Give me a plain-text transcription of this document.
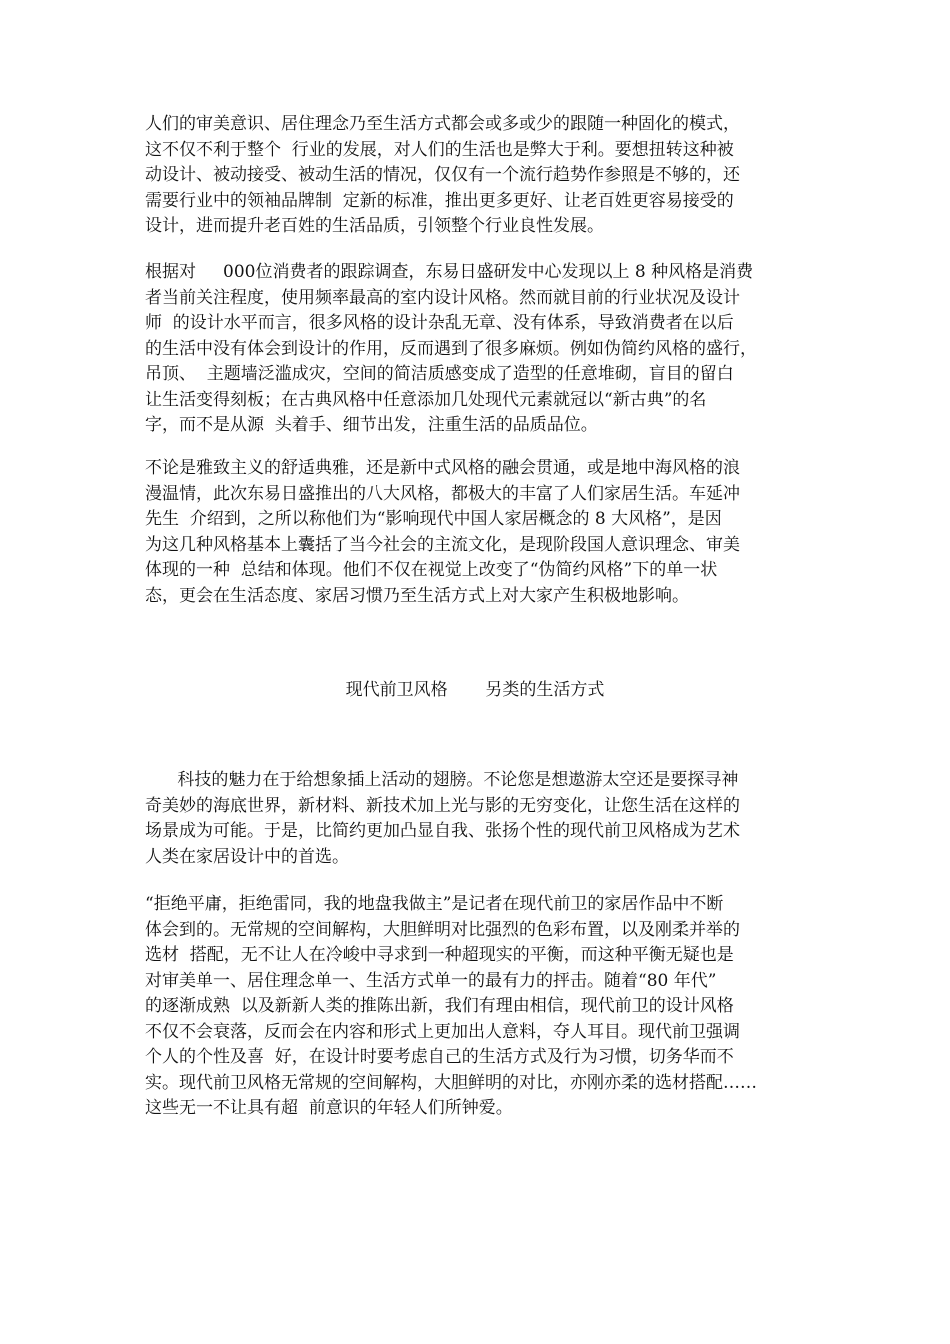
人们的审美意识、居住理念乃至生活方式都会或多或少的跟随一种固化的模式，
这不仅不利于整个  行业的发展，对人们的生活也是弊大于利。要想扭转这种被
动设计、被动接受、被动生活的情况，仅仅有一个流行趋势作参照是不够的，还
需要行业中的领袖品牌制  定新的标准，推出更多更好、让老百姓更容易接受的
设计，进而提升老百姓的生活品质，引领整个行业良性发展。
根据对     000位消费者的跟踪调查，东易日盛研发中心发现以上 8 种风格是消费
者当前关注程度，使用频率最高的室内设计风格。然而就目前的行业状况及设计
师  的设计水平而言，很多风格的设计杂乱无章、没有体系，导致消费者在以后
的生活中没有体会到设计的作用，反而遇到了很多麻烦。例如伪简约风格的盛行，
吊顶、  主题墙泛滥成灾，空间的简洁质感变成了造型的任意堆砌，盲目的留白
让生活变得刻板；在古典风格中任意添加几处现代元素就冠以“新古典”的名
字，而不是从源  头着手、细节出发，注重生活的品质品位。
不论是雅致主义的舒适典雅，还是新中式风格的融会贯通，或是地中海风格的浪
漫温情，此次东易日盛推出的八大风格，都极大的丰富了人们家居生活。车延冲
先生  介绍到，之所以称他们为“影响现代中国人家居概念的 8 大风格”，是因
为这几种风格基本上囊括了当今社会的主流文化，是现阶段国人意识理念、审美
体现的一种  总结和体现。他们不仅在视觉上改变了“伪简约风格”下的单一状
态，更会在生活态度、家居习惯乃至生活方式上对大家产生积极地影响。
现代前卫风格       另类的生活方式
科技的魅力在于给想象插上活动的翅膀。不论您是想遨游太空还是要探寻神
奇美妙的海底世界，新材料、新技术加上光与影的无穷变化，让您生活在这样的
场景成为可能。于是，比简约更加凸显自我、张扬个性的现代前卫风格成为艺术
人类在家居设计中的首选。
“拒绝平庸，拒绝雷同，我的地盘我做主”是记者在现代前卫的家居作品中不断
体会到的。无常规的空间解构，大胆鲜明对比强烈的色彩布置，以及刚柔并举的
选材  搭配，无不让人在冷峻中寻求到一种超现实的平衡，而这种平衡无疑也是
对审美单一、居住理念单一、生活方式单一的最有力的抨击。随着“80 年代”
的逐渐成熟  以及新新人类的推陈出新，我们有理由相信，现代前卫的设计风格
不仅不会衰落，反而会在内容和形式上更加出人意料，夺人耳目。现代前卫强调
个人的个性及喜  好，在设计时要考虑自己的生活方式及行为习惯，切务华而不
实。现代前卫风格无常规的空间解构，大胆鲜明的对比，亦刚亦柔的选材搭配……
这些无一不让具有超  前意识的年轻人们所钟爱。
